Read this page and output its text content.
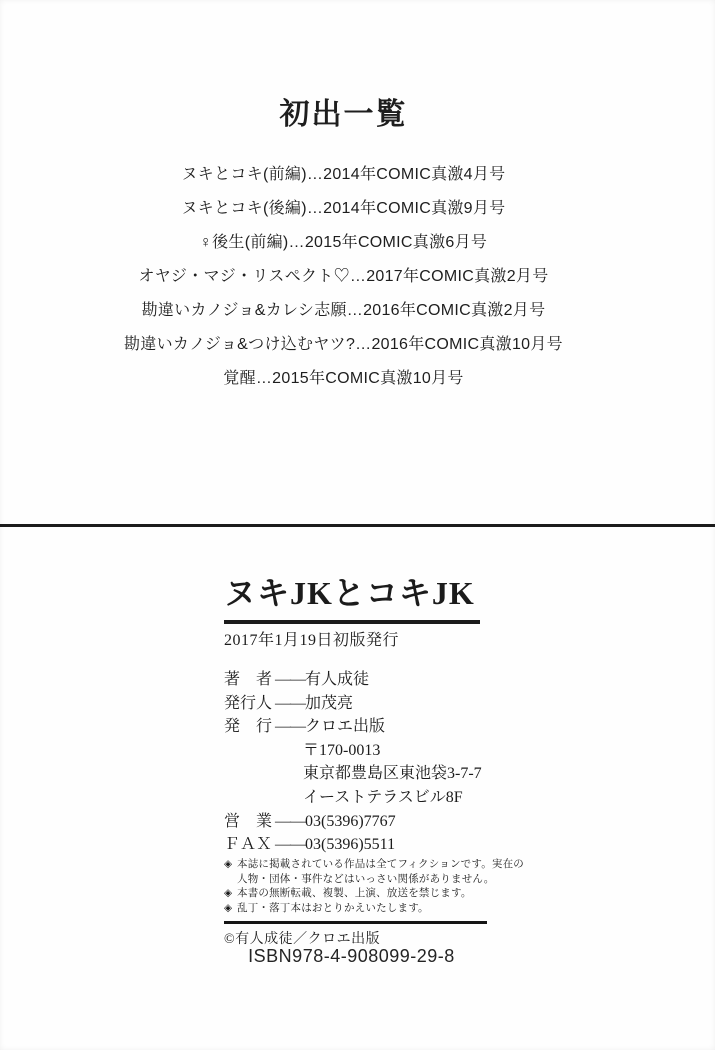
初出一覧
ヌキとコキ(前編)…2014年COMIC真激4月号
ヌキとコキ(後編)…2014年COMIC真激9月号
♀後生(前編)…2015年COMIC真激6月号
オヤジ・マジ・リスペクト♡…2017年COMIC真激2月号
勘違いカノジョ&カレシ志願…2016年COMIC真激2月号
勘違いカノジョ&つけ込むヤツ?…2016年COMIC真激10月号
覚醒…2015年COMIC真激10月号
ヌキJKとコキJK
2017年1月19日初版発行
著　者 ——有人成徒
発行人 ——加茂亮
発　行 ——クロエ出版
〒170-0013
東京都豊島区東池袋3-7-7
イーストテラスビル8F
営　業 ——03(5396)7767
ＦＡＸ ——03(5396)5511
◈ 本誌に掲載されている作品は全てフィクションです。実在の
人物・団体・事件などはいっさい関係がありません。
◈ 本書の無断転載、複製、上演、放送を禁じます。
◈ 乱丁・落丁本はおとりかえいたします。
©有人成徒／クロエ出版
ISBN978-4-908099-29-8
